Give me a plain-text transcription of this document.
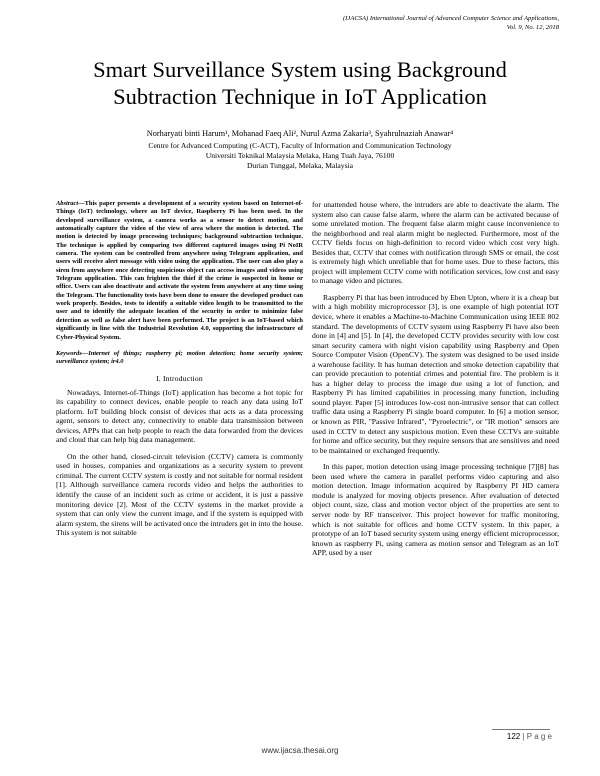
(IJACSA) International Journal of Advanced Computer Science and Applications,
Vol. 9, No. 12, 2018
Smart Surveillance System using Background
Subtraction Technique in IoT Application
Norharyati binti Harum¹, Mohanad Faeq Ali², Nurul Azma Zakaria³, Syahrulnaziah Anawar⁴
Centre for Advanced Computing (C-ACT), Faculty of Information and Communication Technology
Universiti Teknikal Malaysia Melaka, Hang Tuah Jaya, 76100
Durian Tunggal, Melaka, Malaysia

Abstract—This paper presents a development of a security system based on Internet-of-Things (IoT) technology, where an IoT device, Raspberry Pi has been used. In the developed surveillance system, a camera works as a sensor to detect motion, and automatically capture the video of the view of area where the motion is detected. The motion is detected by image processing techniques; background subtraction technique. The technique is applied by comparing two different captured images using Pi NoIR camera. The system can be controlled from anywhere using Telegram application, and users will receive alert message with video using the application. The user can also play a siren from anywhere once detecting suspicious object can access images and videos using Telegram application. This can frighten the thief if the crime is suspected in home or office. Users can also deactivate and activate the system from anywhere at any time using the Telegram. The functionality tests have been done to ensure the developed product can work properly. Besides, tests to identify a suitable video length to be transmitted to the user and to identify the adequate location of the security in order to minimize false detection as well as false alert have been performed. The project is an IoT-based which significantly in line with the Industrial Revolution 4.0, supporting the infrastructure of Cyber-Physical System.

Keywords—Internet of things; raspberry pi; motion detection; home security system; surveillance system; ir4.0

I. Introduction

Nowadays, Internet-of-Things (IoT) application has become a hot topic for its capability to connect devices, enable people to reach any data using IoT platform. IoT building block consist of devices that acts as a data processing agent, sensors to detect any, connectivity to enable data transmission between devices, APPs that can help people to reach the data forwarded from the devices and cloud that can help big data management.

On the other hand, closed-circuit television (CCTV) camera is commonly used in houses, companies and organizations as a security system to prevent criminal. The current CCTV system is costly and not suitable for normal resident [1]. Although surveillance camera records video and helps the authorities to identify the cause of an incident such as crime or accident, it is just a passive monitoring device [2]. Most of the CCTV systems in the market provide a system that can only view the current image, and if the system is equipped with alarm system, the sirens will be activated once the intruders get in into the house. This system is not suitable

for unattended house where, the intruders are able to deactivate the alarm. The system also can cause false alarm, where the alarm can be activated because of some unrelated motion. The frequent false alarm might cause inconvenience to the neighborhood and real alarm might be neglected. Furthermore, most of the CCTV fields focus on high-definition to record video which cost very high. Besides that, CCTV that comes with notification through SMS or email, the cost is extremely high which unreliable that for home uses. Due to these factors, this project will implement CCTV come with notification services, low cost and easy to manage video and pictures.

Raspberry Pi that has been introduced by Eben Upton, where it is a cheap but with a high mobility microprocessor [3], is one example of high potential IOT device, where it enables a Machine-to-Machine Communication using IEEE 802 standard. The developments of CCTV system using Raspberry Pi have also been done in [4] and [5]. In [4], the developed CCTV provides security with low cost smart security camera with night vision capability using Raspberry and Open Source Computer Vision (OpenCV). The system was designed to be used inside a warehouse facility. It has human detection and smoke detection capability that can provide precaution to potential crimes and potential fire. The problem is it has a higher delay to process the image due using a lot of function, and Raspberry Pi has limited capabilities in processing many function, including sound player. Paper [5] introduces low-cost non-intrusive sensor that can collect traffic data using a Raspberry Pi single board computer. In [6] a motion sensor, or known as PIR, "Passive Infrared", "Pyroelectric", or "IR motion" sensors are used in CCTV to detect any suspicious motion. Even these CCTVs are suitable for home and office security, but they require sensors that are sensitives and need to be maintained or exchanged frequently.

In this paper, motion detection using image processing technique [7][8] has been used where the camera in parallel performs video capturing and also motion detection. Image information acquired by Raspberry PI HD camera module is analyzed for moving objects presence. After evaluation of detected object count, size, class and motion vector object of the properties are sent to server node by RF transceiver. This project however for traffic monitoring, which is not suitable for offices and home CCTV system. In this paper, a prototype of an IoT based security system using energy efficient microprocessor, known as raspberry Pi, using camera as motion sensor and Telegram as an IoT APP, used by a user

122 | P a g e
www.ijacsa.thesai.org
